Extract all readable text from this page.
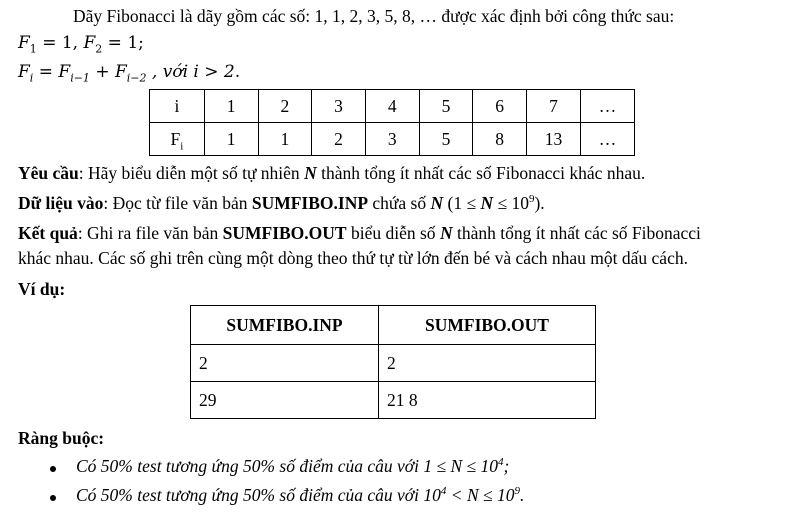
Dãy Fibonacci là dãy gồm các số: 1, 1, 2, 3, 5, 8, … được xác định bởi công thức sau:
$F_1 = 1$, $F_2 = 1$;
$F_i = F_{i-1} + F_{i-2}$ , với i > 2.
i	1	2	3	4	5	6	7	…
$F_i$	1	1	2	3	5	8	13	…
Yêu cầu: Hãy biểu diễn một số tự nhiên N thành tổng ít nhất các số Fibonacci khác nhau.
Dữ liệu vào: Đọc từ file văn bản SUMFIBO.INP chứa số N $(1 \le N \le 10^9)$.
Kết quả: Ghi ra file văn bản SUMFIBO.OUT biểu diễn số N thành tổng ít nhất các số Fibonacci
khác nhau. Các số ghi trên cùng một dòng theo thứ tự từ lớn đến bé và cách nhau một dấu cách.
Ví dụ:
SUMFIBO.INP	SUMFIBO.OUT
2	2
29	21 8
Ràng buộc:
Có 50% test tương ứng 50% số điểm của câu với $1 \le N \le 10^4$;
Có 50% test tương ứng 50% số điểm của câu với $10^4 < N \le 10^9$.
